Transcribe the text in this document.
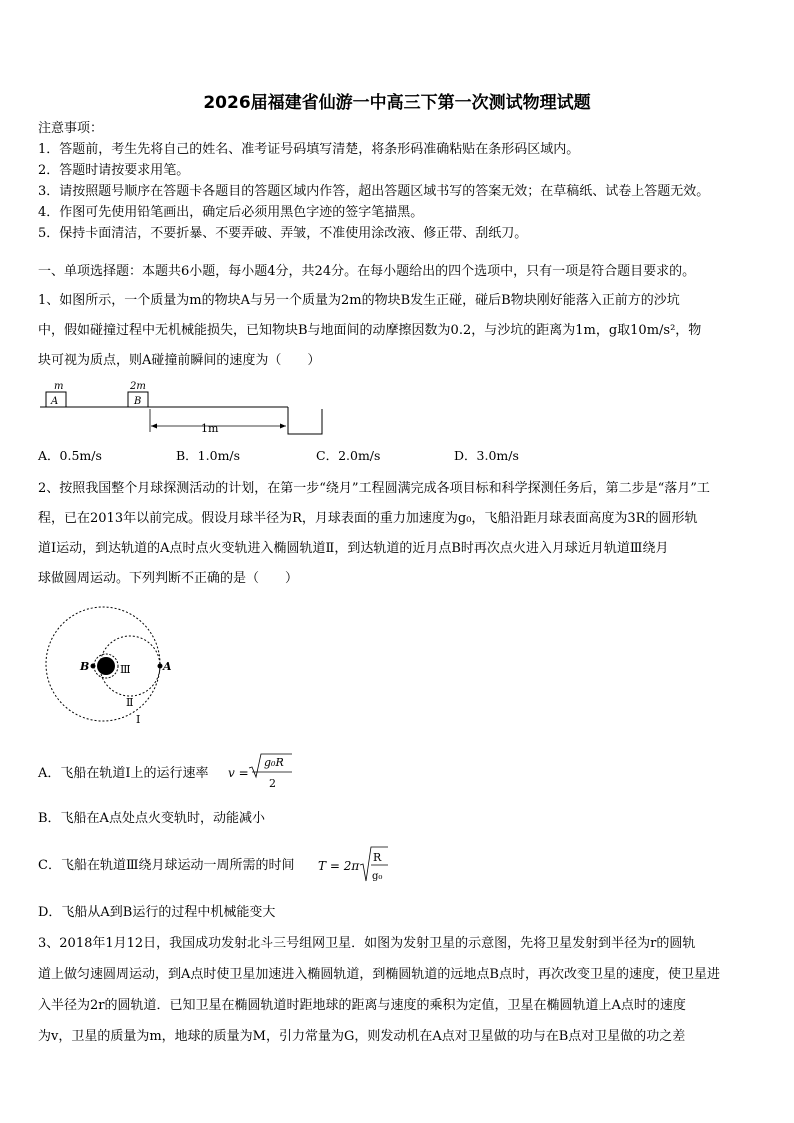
2026届福建省仙游一中高三下第一次测试物理试题
注意事项：
1．答题前，考生先将自己的姓名、准考证号码填写清楚，将条形码准确粘贴在条形码区域内。
2．答题时请按要求用笔。
3．请按照题号顺序在答题卡各题目的答题区域内作答，超出答题区域书写的答案无效；在草稿纸、试卷上答题无效。
4．作图可先使用铅笔画出，确定后必须用黑色字迹的签字笔描黑。
5．保持卡面清洁，不要折暴、不要弄破、弄皱，不准使用涂改液、修正带、刮纸刀。
一、单项选择题：本题共6小题，每小题4分，共24分。在每小题给出的四个选项中，只有一项是符合题目要求的。
1、如图所示，一个质量为m的物块A与另一个质量为2m的物块B发生正碰，碰后B物块刚好能落入正前方的沙坑
中，假如碰撞过程中无机械能损失，已知物块B与地面间的动摩擦因数为0.2，与沙坑的距离为1m，g取10m/s²，物
块可视为质点，则A碰撞前瞬间的速度为（　　）
m
A
2m
B
1m
A．0.5m/s	B．1.0m/s	C．2.0m/s	D．3.0m/s
2、按照我国整个月球探测活动的计划，在第一步“绕月”工程圆满完成各项目标和科学探测任务后，第二步是“落月”工
程，已在2013年以前完成。假设月球半径为R，月球表面的重力加速度为g₀，飞船沿距月球表面高度为3R的圆形轨
道Ⅰ运动，到达轨道的A点时点火变轨进入椭圆轨道Ⅱ，到达轨道的近月点B时再次点火进入月球近月轨道Ⅲ绕月
球做圆周运动。下列判断不正确的是（　　）
B	A
Ⅲ
Ⅱ
Ⅰ
A．飞船在轨道Ⅰ上的运行速率 v =
g₀R
2
B．飞船在A点处点火变轨时，动能减小
C．飞船在轨道Ⅲ绕月球运动一周所需的时间 T = 2π
R
g₀
D．飞船从A到B运行的过程中机械能变大
3、2018年1月12日，我国成功发射北斗三号组网卫星．如图为发射卫星的示意图，先将卫星发射到半径为r的圆轨
道上做匀速圆周运动，到A点时使卫星加速进入椭圆轨道，到椭圆轨道的远地点B点时，再次改变卫星的速度，使卫星进
入半径为2r的圆轨道．已知卫星在椭圆轨道时距地球的距离与速度的乘积为定值，卫星在椭圆轨道上A点时的速度
为v，卫星的质量为m，地球的质量为M，引力常量为G，则发动机在A点对卫星做的功与在B点对卫星做的功之差
